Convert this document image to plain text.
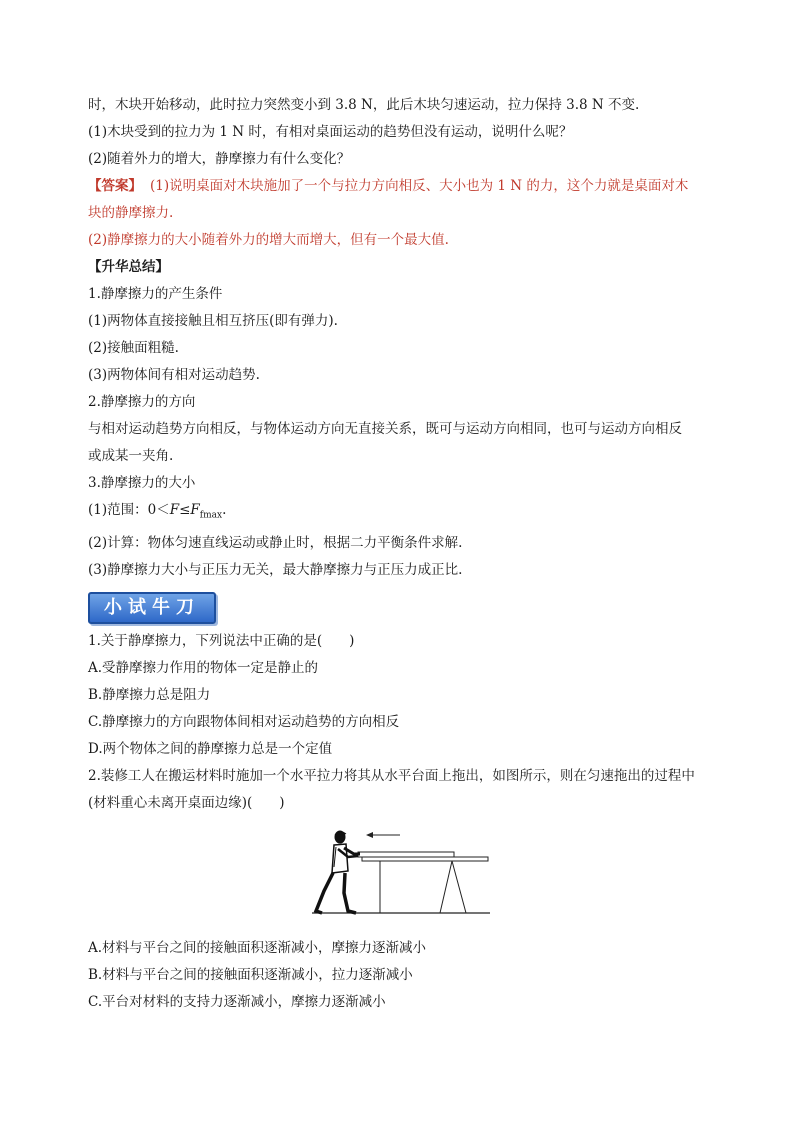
时，木块开始移动，此时拉力突然变小到 3.8 N，此后木块匀速运动，拉力保持 3.8 N 不变.
(1)木块受到的拉力为 1 N 时，有相对桌面运动的趋势但没有运动，说明什么呢？
(2)随着外力的增大，静摩擦力有什么变化？
【答案】 (1)说明桌面对木块施加了一个与拉力方向相反、大小也为 1 N 的力，这个力就是桌面对木
块的静摩擦力.
(2)静摩擦力的大小随着外力的增大而增大，但有一个最大值.
【升华总结】
1.静摩擦力的产生条件
(1)两物体直接接触且相互挤压(即有弹力).
(2)接触面粗糙.
(3)两物体间有相对运动趋势.
2.静摩擦力的方向
与相对运动趋势方向相反，与物体运动方向无直接关系，既可与运动方向相同，也可与运动方向相反
或成某一夹角.
3.静摩擦力的大小
(1)范围：$0<F\le F_{fmax}$.
(2)计算：物体匀速直线运动或静止时，根据二力平衡条件求解.
(3)静摩擦力大小与正压力无关，最大静摩擦力与正压力成正比.
小试牛刀
1.关于静摩擦力，下列说法中正确的是(　　)
A.受静摩擦力作用的物体一定是静止的
B.静摩擦力总是阻力
C.静摩擦力的方向跟物体间相对运动趋势的方向相反
D.两个物体之间的静摩擦力总是一个定值
2.装修工人在搬运材料时施加一个水平拉力将其从水平台面上拖出，如图所示，则在匀速拖出的过程中
(材料重心未离开桌面边缘)(　　)
A.材料与平台之间的接触面积逐渐减小，摩擦力逐渐减小
B.材料与平台之间的接触面积逐渐减小，拉力逐渐减小
C.平台对材料的支持力逐渐减小，摩擦力逐渐减小
